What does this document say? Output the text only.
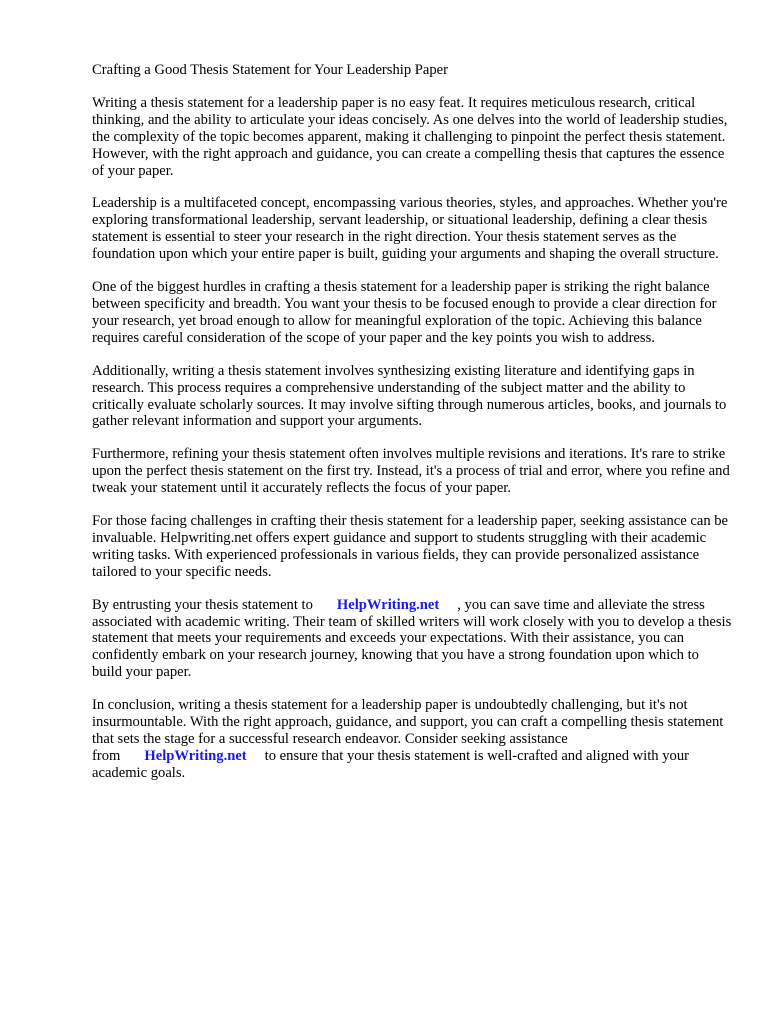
Crafting a Good Thesis Statement for Your Leadership Paper

Writing a thesis statement for a leadership paper is no easy feat. It requires meticulous research, critical thinking, and the ability to articulate your ideas concisely. As one delves into the world of leadership studies, the complexity of the topic becomes apparent, making it challenging to pinpoint the perfect thesis statement. However, with the right approach and guidance, you can create a compelling thesis that captures the essence of your paper.

Leadership is a multifaceted concept, encompassing various theories, styles, and approaches. Whether you're exploring transformational leadership, servant leadership, or situational leadership, defining a clear thesis statement is essential to steer your research in the right direction. Your thesis statement serves as the foundation upon which your entire paper is built, guiding your arguments and shaping the overall structure.

One of the biggest hurdles in crafting a thesis statement for a leadership paper is striking the right balance between specificity and breadth. You want your thesis to be focused enough to provide a clear direction for your research, yet broad enough to allow for meaningful exploration of the topic. Achieving this balance requires careful consideration of the scope of your paper and the key points you wish to address.

Additionally, writing a thesis statement involves synthesizing existing literature and identifying gaps in research. This process requires a comprehensive understanding of the subject matter and the ability to critically evaluate scholarly sources. It may involve sifting through numerous articles, books, and journals to gather relevant information and support your arguments.

Furthermore, refining your thesis statement often involves multiple revisions and iterations. It's rare to strike upon the perfect thesis statement on the first try. Instead, it's a process of trial and error, where you refine and tweak your statement until it accurately reflects the focus of your paper.

For those facing challenges in crafting their thesis statement for a leadership paper, seeking assistance can be invaluable. Helpwriting.net offers expert guidance and support to students struggling with their academic writing tasks. With experienced professionals in various fields, they can provide personalized assistance tailored to your specific needs.

By entrusting your thesis statement to HelpWriting.net , you can save time and alleviate the stress associated with academic writing. Their team of skilled writers will work closely with you to develop a thesis statement that meets your requirements and exceeds your expectations. With their assistance, you can confidently embark on your research journey, knowing that you have a strong foundation upon which to build your paper.

In conclusion, writing a thesis statement for a leadership paper is undoubtedly challenging, but it's not insurmountable. With the right approach, guidance, and support, you can craft a compelling thesis statement that sets the stage for a successful research endeavor. Consider seeking assistance from HelpWriting.net to ensure that your thesis statement is well-crafted and aligned with your academic goals.
